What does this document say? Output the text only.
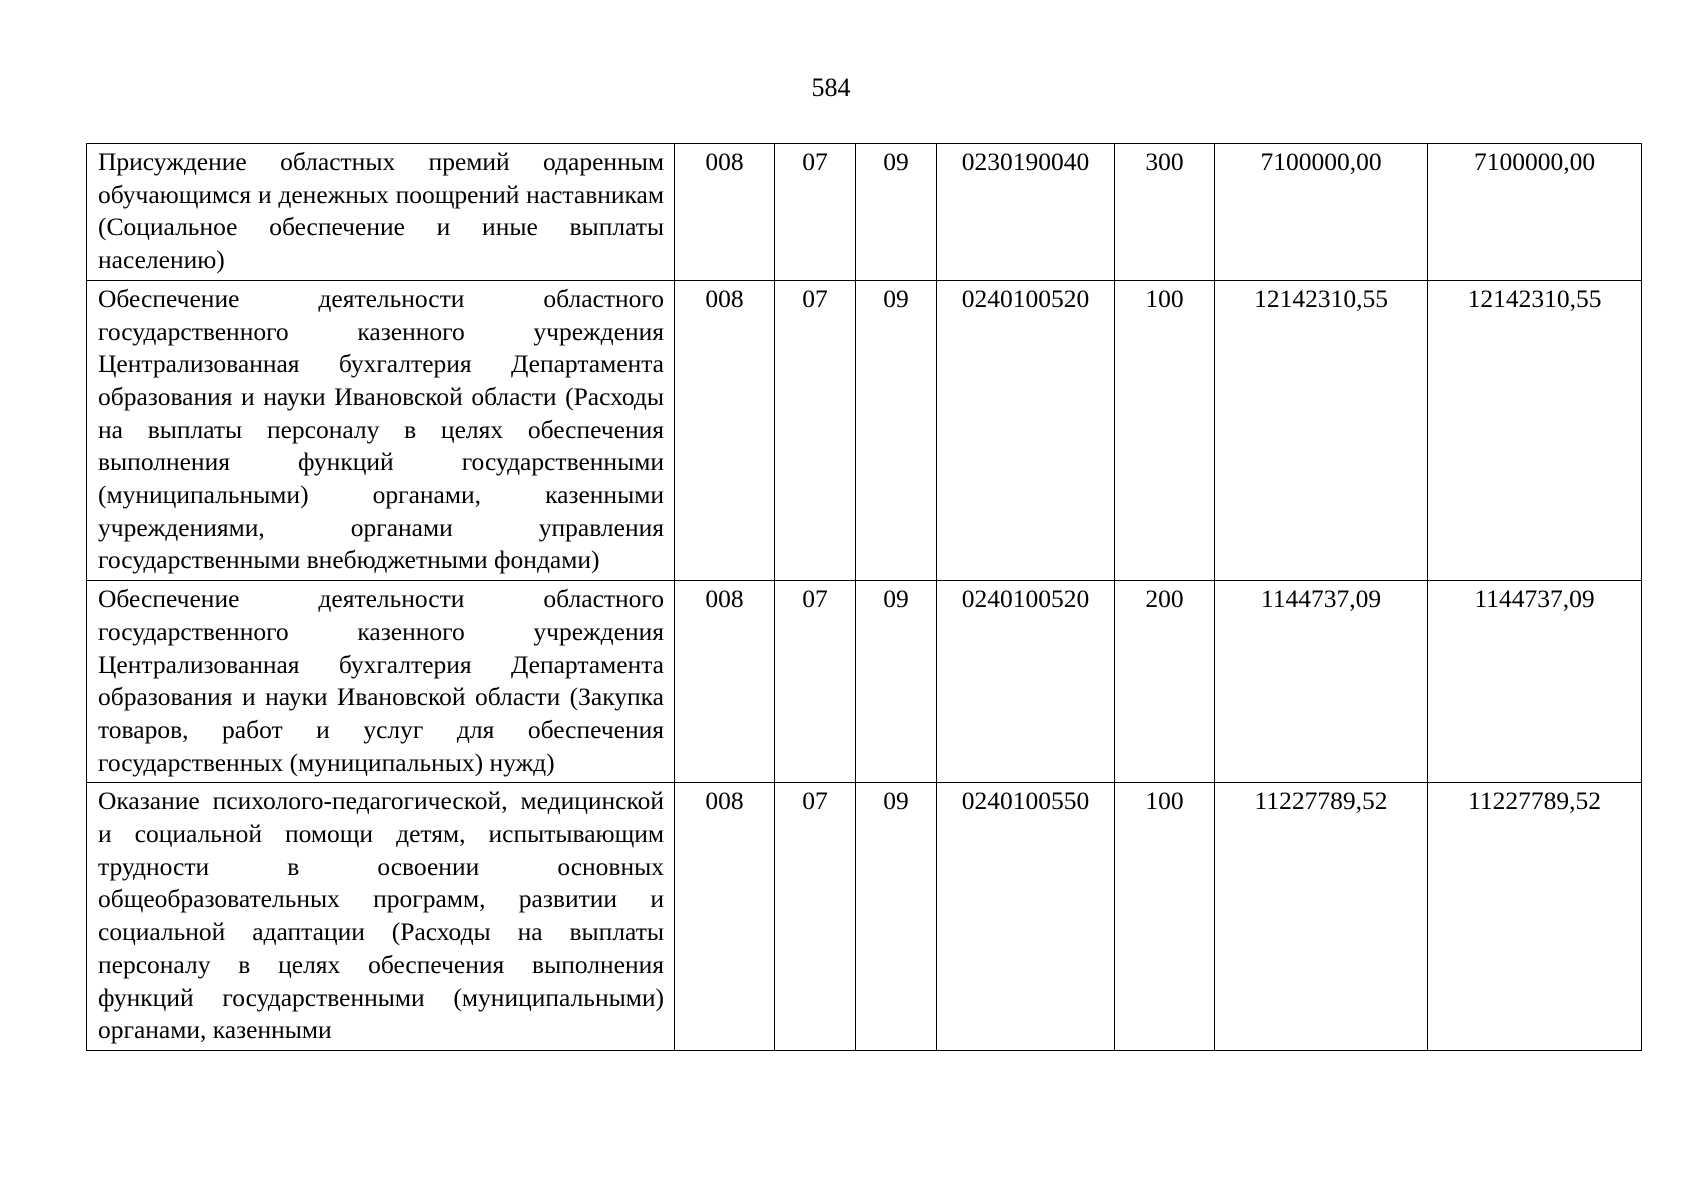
584
Присуждение областных премий одаренным обучающимся и денежных поощрений наставникам (Социальное обеспечение и иные выплаты населению)	008	07	09	0230190040	300	7100000,00	7100000,00
Обеспечение деятельности областного государственного казенного учреждения Централизованная бухгалтерия Департамента образования и науки Ивановской области (Расходы на выплаты персоналу в целях обеспечения выполнения функций государственными (муниципальными) органами, казенными учреждениями, органами управления государственными внебюджетными фондами)	008	07	09	0240100520	100	12142310,55	12142310,55
Обеспечение деятельности областного государственного казенного учреждения Централизованная бухгалтерия Департамента образования и науки Ивановской области (Закупка товаров, работ и услуг для обеспечения государственных (муниципальных) нужд)	008	07	09	0240100520	200	1144737,09	1144737,09
Оказание психолого-педагогической, медицинской и социальной помощи детям, испытывающим трудности в освоении основных общеобразовательных программ, развитии и социальной адаптации (Расходы на выплаты персоналу в целях обеспечения выполнения функций государственными (муниципальными) органами, казенными	008	07	09	0240100550	100	11227789,52	11227789,52
